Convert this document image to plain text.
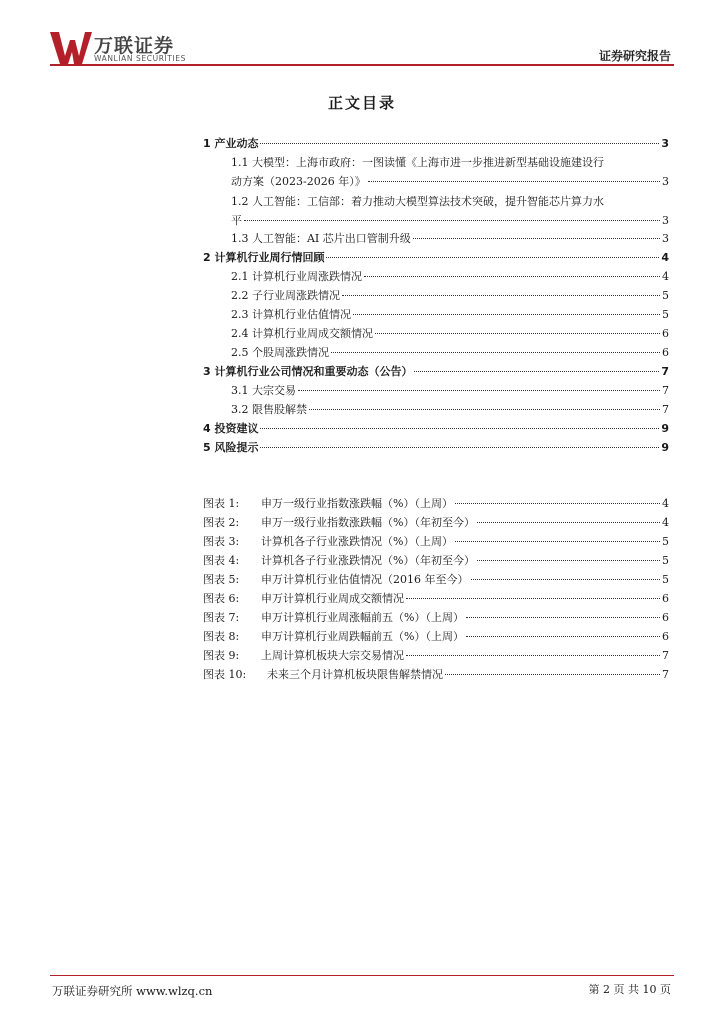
万联证券
WANLIAN SECURITIES	证券研究报告
正文目录
1 产业动态	3
1.1 大模型：上海市政府：一图读懂《上海市进一步推进新型基础设施建设行
动方案（2023-2026 年）》	3
1.2 人工智能：工信部：着力推动大模型算法技术突破，提升智能芯片算力水
平	3
1.3 人工智能：AI 芯片出口管制升级	3
2 计算机行业周行情回顾	4
2.1 计算机行业周涨跌情况	4
2.2 子行业周涨跌情况	5
2.3 计算机行业估值情况	5
2.4 计算机行业周成交额情况	6
2.5 个股周涨跌情况	6
3 计算机行业公司情况和重要动态（公告）	7
3.1 大宗交易	7
3.2 限售股解禁	7
4 投资建议	9
5 风险提示	9
图表 1:	申万一级行业指数涨跌幅（%）（上周）	4
图表 2:	申万一级行业指数涨跌幅（%）（年初至今）	4
图表 3:	计算机各子行业涨跌情况（%）（上周）	5
图表 4:	计算机各子行业涨跌情况（%）（年初至今）	5
图表 5:	申万计算机行业估值情况（2016 年至今）	5
图表 6:	申万计算机行业周成交额情况	6
图表 7:	申万计算机行业周涨幅前五（%）（上周）	6
图表 8:	申万计算机行业周跌幅前五（%）（上周）	6
图表 9:	上周计算机板块大宗交易情况	7
图表 10:	未来三个月计算机板块限售解禁情况	7
万联证券研究所 www.wlzq.cn	第 2 页 共 10 页
